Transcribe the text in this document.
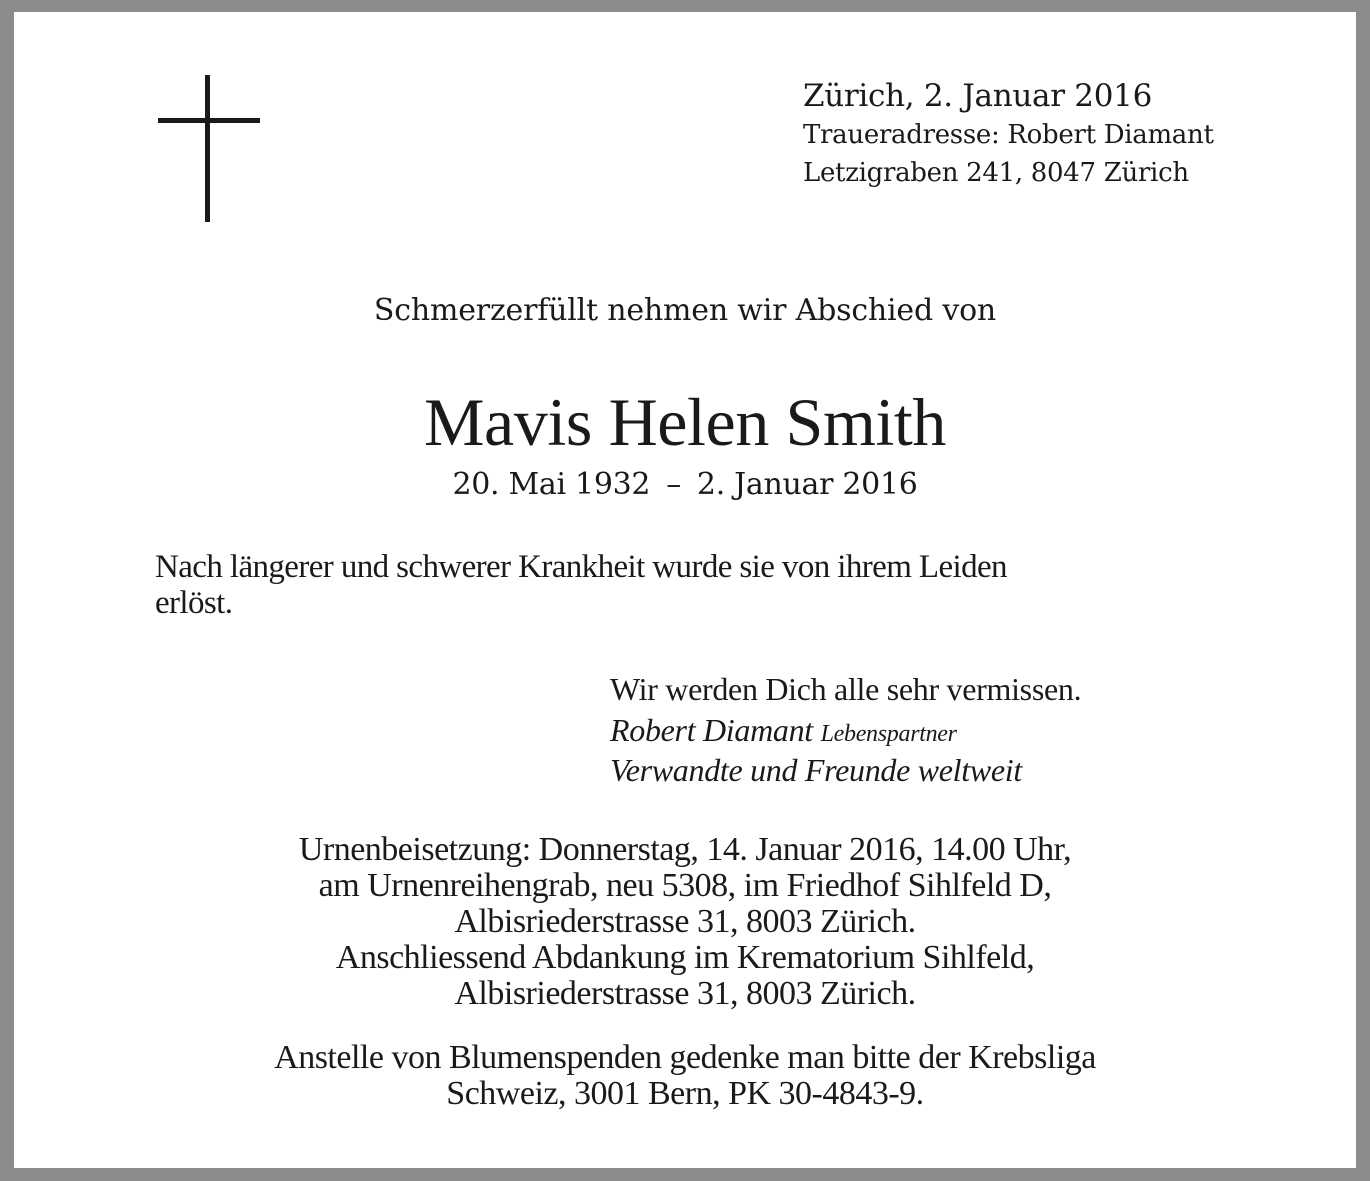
Zürich, 2. Januar 2016
Traueradresse: Robert Diamant
Letzigraben 241, 8047 Zürich
Schmerzerfüllt nehmen wir Abschied von
Mavis Helen Smith
20. Mai 1932 – 2. Januar 2016
Nach längerer und schwerer Krankheit wurde sie von ihrem Leiden
erlöst.
Wir werden Dich alle sehr vermissen.
Robert Diamant Lebenspartner
Verwandte und Freunde weltweit
Urnenbeisetzung: Donnerstag, 14. Januar 2016, 14.00 Uhr,
am Urnenreihengrab, neu 5308, im Friedhof Sihlfeld D,
Albisriederstrasse 31, 8003 Zürich.
Anschliessend Abdankung im Krematorium Sihlfeld,
Albisriederstrasse 31, 8003 Zürich.
Anstelle von Blumenspenden gedenke man bitte der Krebsliga
Schweiz, 3001 Bern, PK 30-4843-9.
